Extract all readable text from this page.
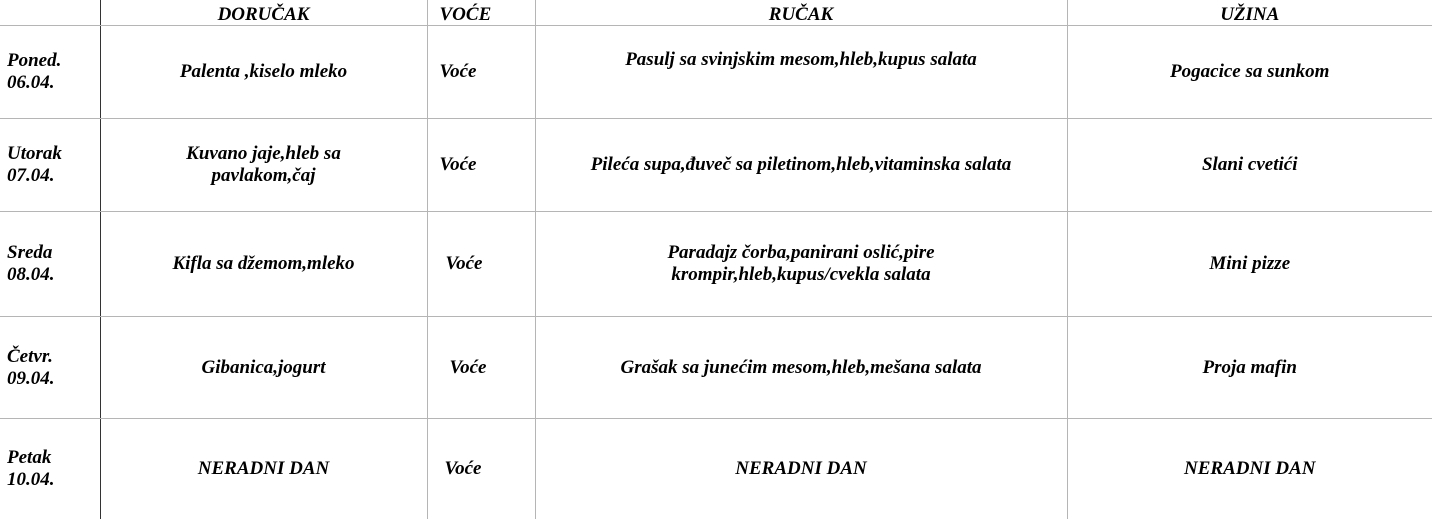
	DORUČAK	VOĆE	RUČAK	UŽINA

Poned.
06.04.	Palenta ,kiselo mleko	Voće	Pasulj sa svinjskim mesom,hleb,kupus salata	Pogacice sa sunkom

Utorak
07.04.	Kuvano jaje,hleb sa
pavlakom,čaj	Voće	Pileća supa,đuveč sa piletinom,hleb,vitaminska salata	Slani cvetići

Sreda
08.04.	Kifla sa džemom,mleko	Voće	Paradajz čorba,panirani oslić,pire
krompir,hleb,kupus/cvekla salata	Mini pizze

Četvr.
09.04.	Gibanica,jogurt	Voće	Grašak sa junećim mesom,hleb,mešana salata	Proja mafin

Petak
10.04.	NERADNI DAN	Voće	NERADNI DAN	NERADNI DAN
